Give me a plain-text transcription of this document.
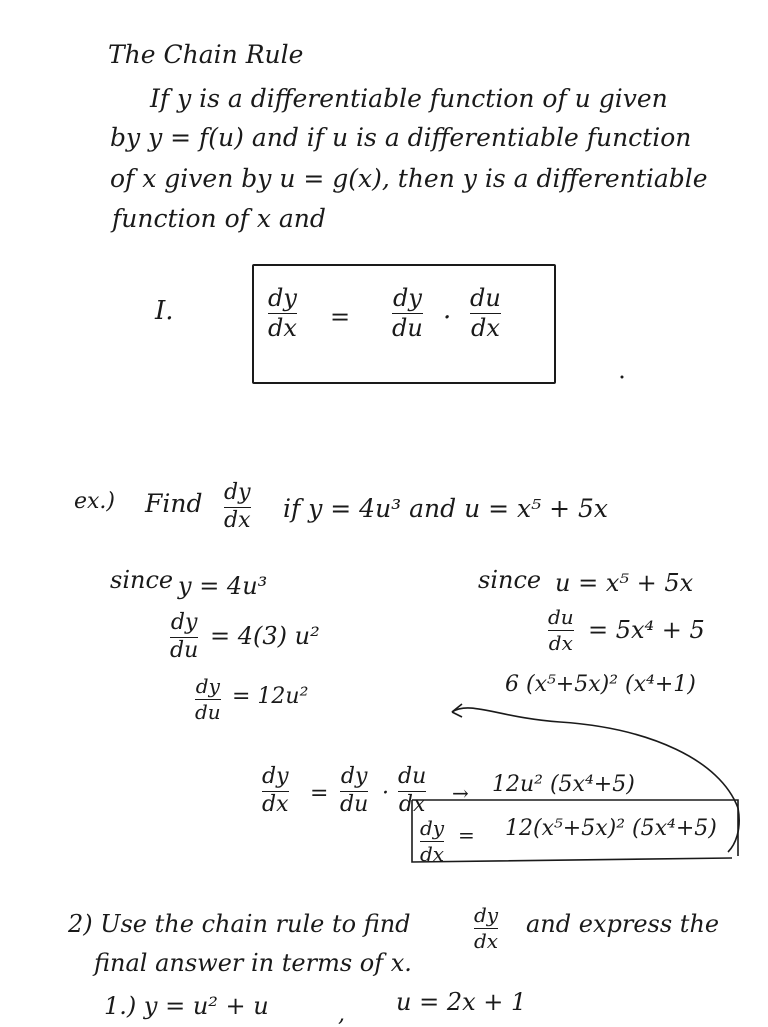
The Chain Rule
If y is a differentiable function of u given
by y = f(u) and if u is a differentiable function
of x given by u = g(x), then y is a differentiable
function of x and
I.	dy
dx =
dy
du ·
du
dx
ex.) Find dy
dx if y = 4u³ and u = x⁵ + 5x
since y = 4u³
dy
du
= 4(3) u²
dy
du
= 12u²
since u = x⁵ + 5x
du
dx = 5x⁴ + 5
6 (x⁵+5x)² (x⁴+1)
dy
dx =
dy
du ·
du
dx → 12u² (5x⁴+5)
dy
dx
= 12(x⁵+5x)² (5x⁴+5)
2) Use the chain rule to find	dy
dx
and express the
final answer in terms of x.
1.) y = u² + u	, u = 2x + 1
